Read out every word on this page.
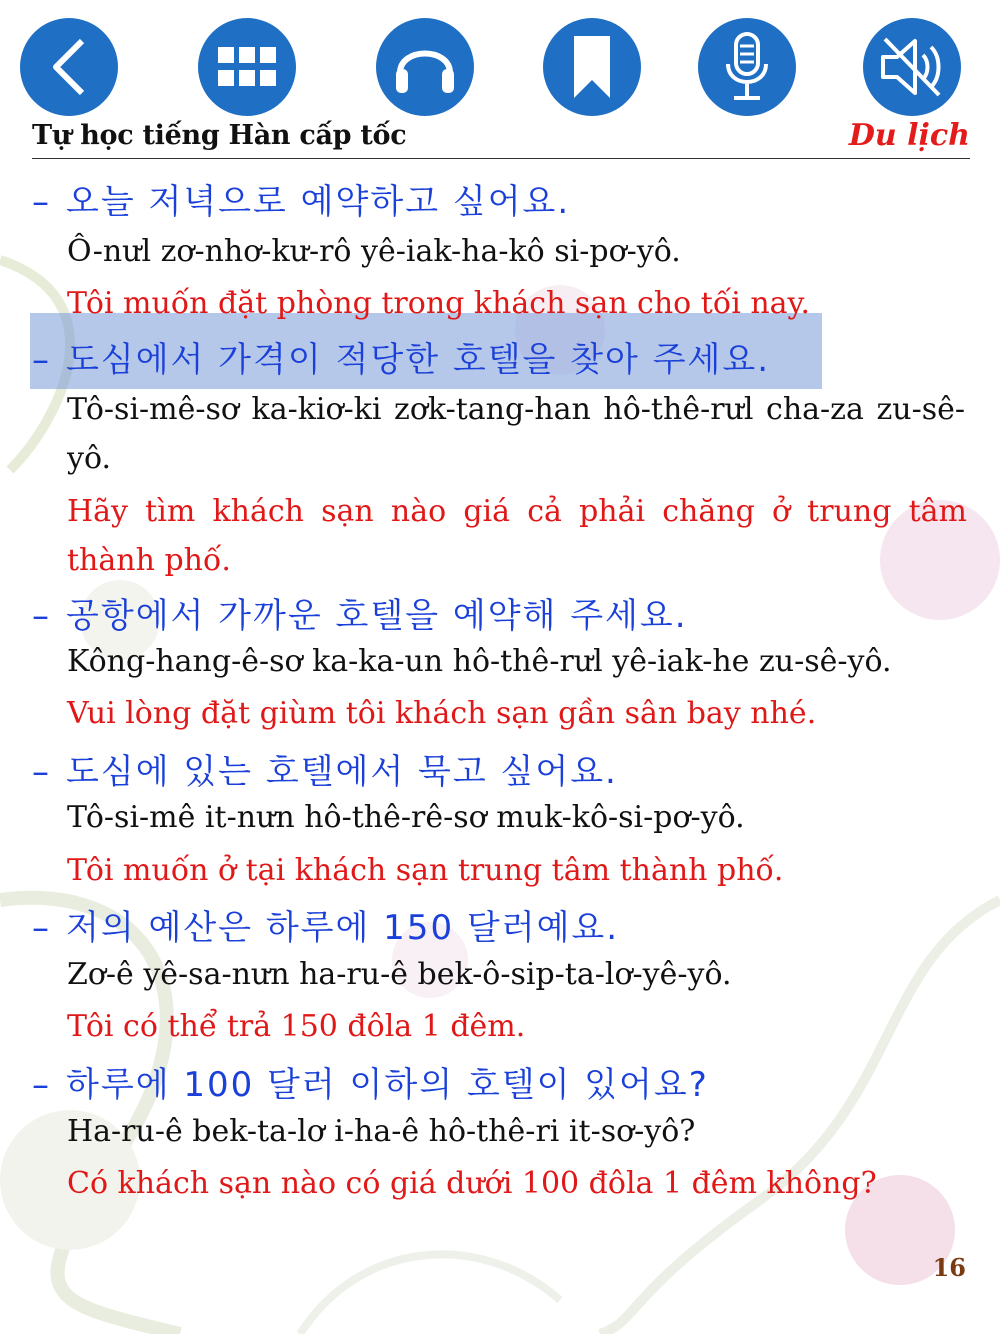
Tự học tiếng Hàn cấp tốc	Du lịch
– 오늘 저녁으로 예약하고 싶어요.
Ô-nưl zơ-nhơ-kư-rô yê-iak-ha-kô si-pơ-yô.
Tôi muốn đặt phòng trong khách sạn cho tối nay.
– 도심에서 가격이 적당한 호텔을 찾아 주세요.
Tô-si-mê-sơ ka-kiơ-ki zơk-tang-han hô-thê-rưl cha-za zu-sê-yô.
Hãy tìm khách sạn nào giá cả phải chăng ở trung tâm thành phố.
– 공항에서 가까운 호텔을 예약해 주세요.
Kông-hang-ê-sơ ka-ka-un hô-thê-rưl yê-iak-he zu-sê-yô.
Vui lòng đặt giùm tôi khách sạn gần sân bay nhé.
– 도심에 있는 호텔에서 묵고 싶어요.
Tô-si-mê it-nưn hô-thê-rê-sơ muk-kô-si-pơ-yô.
Tôi muốn ở tại khách sạn trung tâm thành phố.
– 저의 예산은 하루에 150 달러예요.
Zơ-ê yê-sa-nưn ha-ru-ê bek-ô-sip-ta-lơ-yê-yô.
Tôi có thể trả 150 đôla 1 đêm.
– 하루에 100 달러 이하의 호텔이 있어요?
Ha-ru-ê bek-ta-lơ i-ha-ê hô-thê-ri it-sơ-yô?
Có khách sạn nào có giá dưới 100 đôla 1 đêm không?
16
